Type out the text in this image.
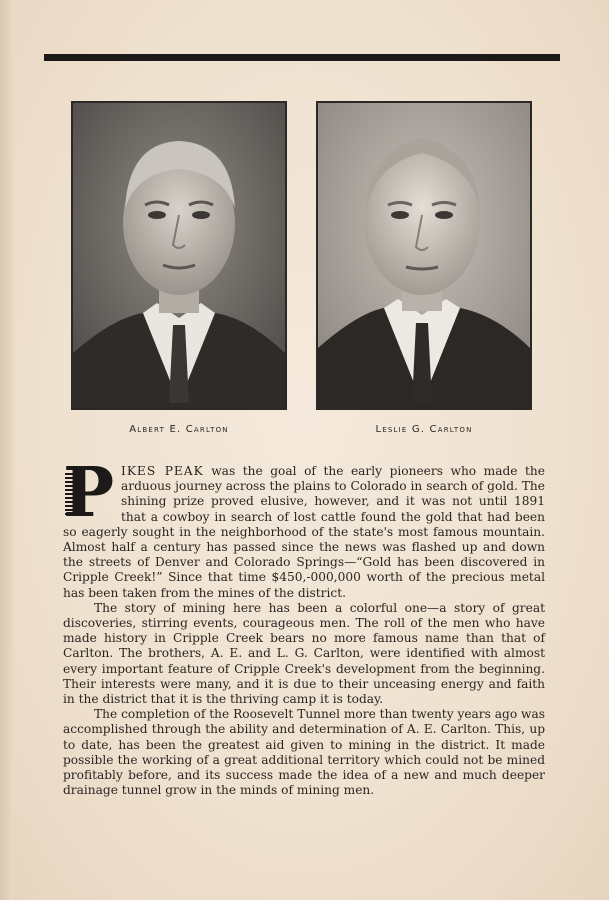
Albert E. Carlton	Leslie G. Carlton

P IKES PEAK was the goal of the early pioneers who made the arduous journey across the plains to Colorado in search of gold. The shining prize proved elusive, however, and it was not until 1891 that a cowboy in search of lost cattle found the gold that had been so eagerly sought in the neighborhood of the state's most famous mountain. Almost half a century has passed since the news was flashed up and down the streets of Denver and Colorado Springs—“Gold has been discovered in Cripple Creek!” Since that time $450,-000,000 worth of the precious metal has been taken from the mines of the district.

The story of mining here has been a colorful one—a story of great discoveries, stirring events, courageous men. The roll of the men who have made history in Cripple Creek bears no more famous name than that of Carlton. The brothers, A. E. and L. G. Carlton, were identified with almost every important feature of Cripple Creek's development from the beginning. Their interests were many, and it is due to their unceasing energy and faith in the district that it is the thriving camp it is today.

The completion of the Roosevelt Tunnel more than twenty years ago was accomplished through the ability and determination of A. E. Carlton. This, up to date, has been the greatest aid given to mining in the district. It made possible the working of a great additional territory which could not be mined profitably before, and its success made the idea of a new and much deeper drainage tunnel grow in the minds of mining men.
